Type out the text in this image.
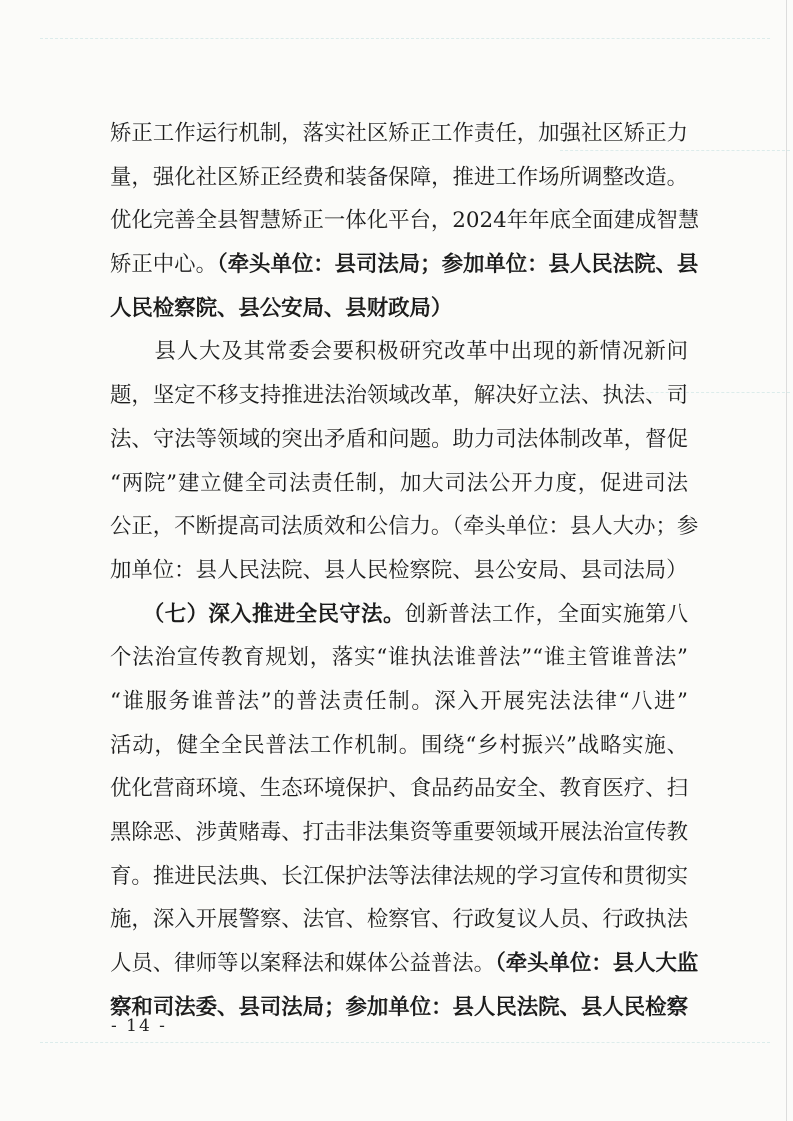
矫正工作运行机制，落实社区矫正工作责任，加强社区矫正力
量，强化社区矫正经费和装备保障，推进工作场所调整改造。
优化完善全县智慧矫正一体化平台，2024年年底全面建成智慧
矫正中心。（牵头单位：县司法局；参加单位：县人民法院、县
人民检察院、县公安局、县财政局）
　　县人大及其常委会要积极研究改革中出现的新情况新问
题，坚定不移支持推进法治领域改革，解决好立法、执法、司
法、守法等领域的突出矛盾和问题。助力司法体制改革，督促
“两院”建立健全司法责任制，加大司法公开力度，促进司法
公正，不断提高司法质效和公信力。（牵头单位：县人大办；参
加单位：县人民法院、县人民检察院、县公安局、县司法局）
　　（七）深入推进全民守法。创新普法工作，全面实施第八
个法治宣传教育规划，落实“谁执法谁普法”“谁主管谁普法”
“谁服务谁普法”的普法责任制。深入开展宪法法律“八进”
活动，健全全民普法工作机制。围绕“乡村振兴”战略实施、
优化营商环境、生态环境保护、食品药品安全、教育医疗、扫
黑除恶、涉黄赌毒、打击非法集资等重要领域开展法治宣传教
育。推进民法典、长江保护法等法律法规的学习宣传和贯彻实
施，深入开展警察、法官、检察官、行政复议人员、行政执法
人员、律师等以案释法和媒体公益普法。（牵头单位：县人大监
察和司法委、县司法局；参加单位：县人民法院、县人民检察
- 14 -
